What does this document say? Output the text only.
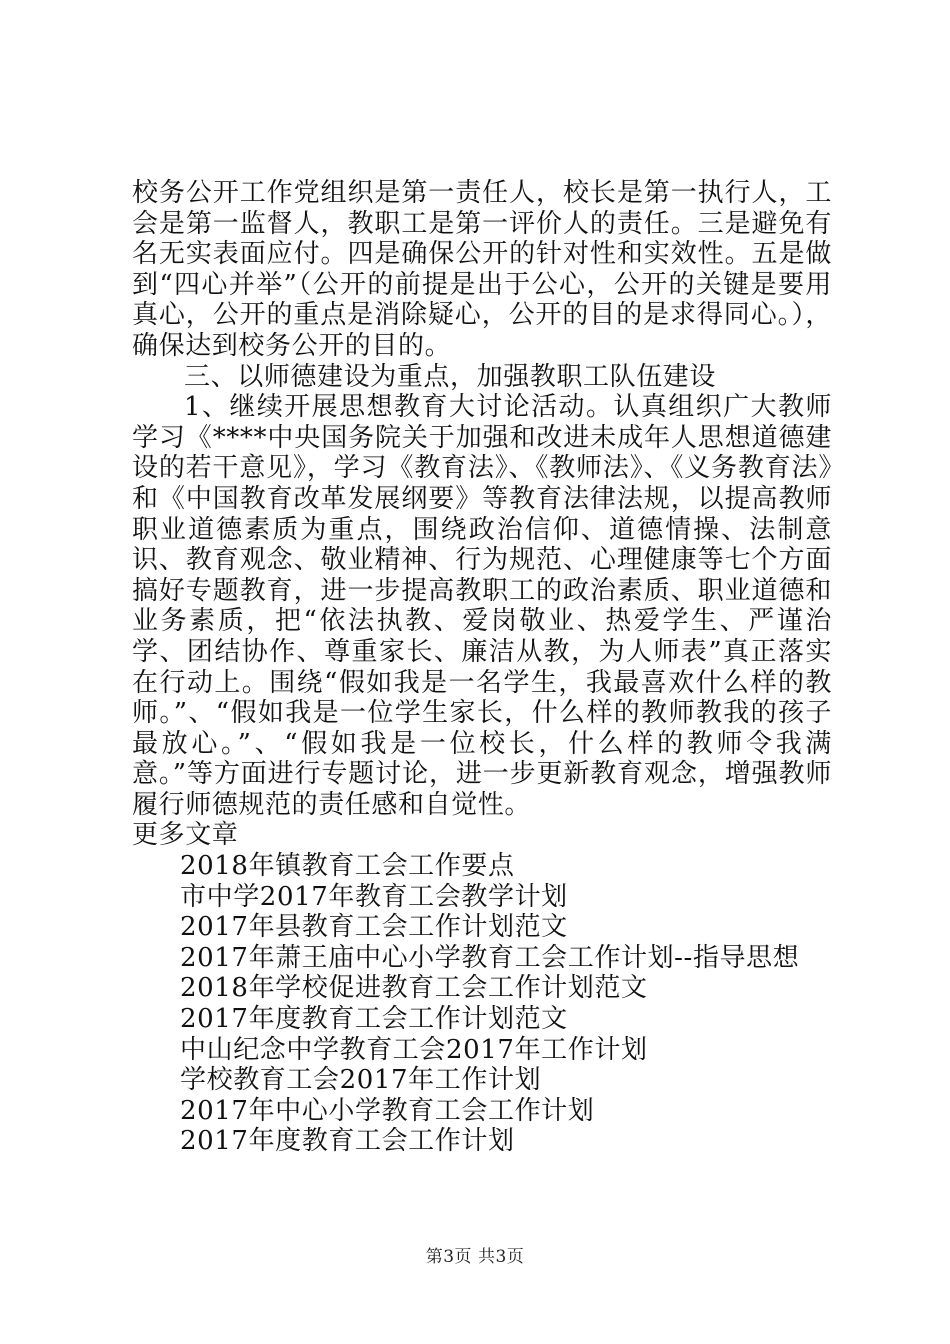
校务公开工作党组织是第一责任人，校长是第一执行人，工会是第一监督人，教职工是第一评价人的责任。三是避免有名无实表面应付。四是确保公开的针对性和实效性。五是做到“四心并举”（公开的前提是出于公心，公开的关键是要用真心，公开的重点是消除疑心，公开的目的是求得同心。），确保达到校务公开的目的。

三、以师德建设为重点，加强教职工队伍建设

1、继续开展思想教育大讨论活动。认真组织广大教师学习《****中央国务院关于加强和改进未成年人思想道德建设的若干意见》，学习《教育法》、《教师法》、《义务教育法》和《中国教育改革发展纲要》等教育法律法规，以提高教师职业道德素质为重点，围绕政治信仰、道德情操、法制意识、教育观念、敬业精神、行为规范、心理健康等七个方面搞好专题教育，进一步提高教职工的政治素质、职业道德和业务素质，把“依法执教、爱岗敬业、热爱学生、严谨治学、团结协作、尊重家长、廉洁从教，为人师表”真正落实在行动上。围绕“假如我是一名学生，我最喜欢什么样的教师。”、“假如我是一位学生家长，什么样的教师教我的孩子最放心。”、“假如我是一位校长，什么样的教师令我满意。”等方面进行专题讨论，进一步更新教育观念，增强教师履行师德规范的责任感和自觉性。

更多文章

2018年镇教育工会工作要点
市中学2017年教育工会教学计划
2017年县教育工会工作计划范文
2017年萧王庙中心小学教育工会工作计划--指导思想
2018年学校促进教育工会工作计划范文
2017年度教育工会工作计划范文
中山纪念中学教育工会2017年工作计划
学校教育工会2017年工作计划
2017年中心小学教育工会工作计划
2017年度教育工会工作计划
第3页 共3页
